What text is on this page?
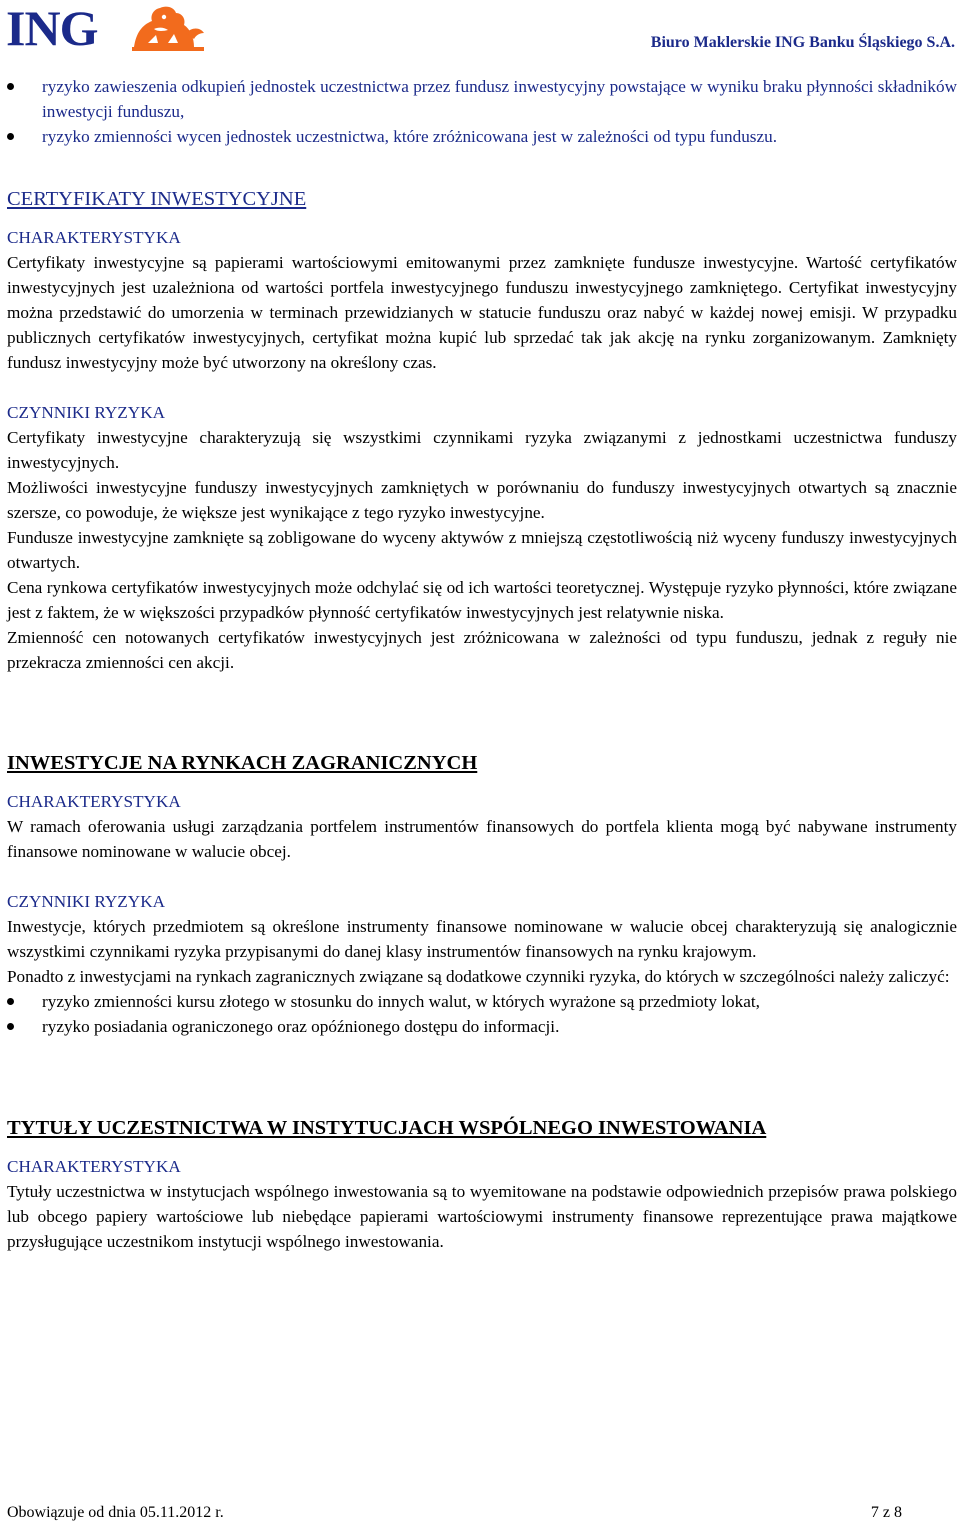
ING	Biuro Maklerskie ING Banku Śląskiego S.A.
ryzyko zawieszenia odkupień jednostek uczestnictwa przez fundusz inwestycyjny powstające w wyniku braku płynności składników inwestycji funduszu,
ryzyko zmienności wycen jednostek uczestnictwa, które zróżnicowana jest w zależności od typu funduszu.
CERTYFIKATY INWESTYCYJNE
CHARAKTERYSTYKA

Certyfikaty inwestycyjne są papierami wartościowymi emitowanymi przez zamknięte fundusze inwestycyjne. Wartość certyfikatów inwestycyjnych jest uzależniona od wartości portfela inwestycyjnego funduszu inwestycyjnego zamkniętego. Certyfikat inwestycyjny można przedstawić do umorzenia w terminach przewidzianych w statucie funduszu oraz nabyć w każdej nowej emisji. W przypadku publicznych certyfikatów inwestycyjnych, certyfikat można kupić lub sprzedać tak jak akcję na rynku zorganizowanym. Zamknięty fundusz inwestycyjny może być utworzony na określony czas.

CZYNNIKI RYZYKA

Certyfikaty inwestycyjne charakteryzują się wszystkimi czynnikami ryzyka związanymi z jednostkami uczestnictwa funduszy inwestycyjnych.

Możliwości inwestycyjne funduszy inwestycyjnych zamkniętych w porównaniu do funduszy inwestycyjnych otwartych są znacznie szersze, co powoduje, że większe jest wynikające z tego ryzyko inwestycyjne.

Fundusze inwestycyjne zamknięte są zobligowane do wyceny aktywów z mniejszą częstotliwością niż wyceny funduszy inwestycyjnych otwartych.

Cena rynkowa certyfikatów inwestycyjnych może odchylać się od ich wartości teoretycznej. Występuje ryzyko płynności, które związane jest z faktem, że w większości przypadków płynność certyfikatów inwestycyjnych jest relatywnie niska.

Zmienność cen notowanych certyfikatów inwestycyjnych jest zróżnicowana w zależności od typu funduszu, jednak z reguły nie przekracza zmienności cen akcji.

INWESTYCJE NA RYNKACH ZAGRANICZNYCH
CHARAKTERYSTYKA

W ramach oferowania usługi zarządzania portfelem instrumentów finansowych do portfela klienta mogą być nabywane instrumenty finansowe nominowane w walucie obcej.

CZYNNIKI RYZYKA

Inwestycje, których przedmiotem są określone instrumenty finansowe nominowane w walucie obcej charakteryzują się analogicznie wszystkimi czynnikami ryzyka przypisanymi do danej klasy instrumentów finansowych na rynku krajowym.

Ponadto z inwestycjami na rynkach zagranicznych związane są dodatkowe czynniki ryzyka, do których w szczególności należy zaliczyć:

ryzyko zmienności kursu złotego w stosunku do innych walut, w których wyrażone są przedmioty lokat,
ryzyko posiadania ograniczonego oraz opóźnionego dostępu do informacji.
TYTUŁY UCZESTNICTWA W INSTYTUCJACH WSPÓLNEGO INWESTOWANIA
CHARAKTERYSTYKA

Tytuły uczestnictwa w instytucjach wspólnego inwestowania są to wyemitowane na podstawie odpowiednich przepisów prawa polskiego lub obcego papiery wartościowe lub niebędące papierami wartościowymi instrumenty finansowe reprezentujące prawa majątkowe przysługujące uczestnikom instytucji wspólnego inwestowania.

Obowiązuje od dnia 05.11.2012 r.	7 z 8
